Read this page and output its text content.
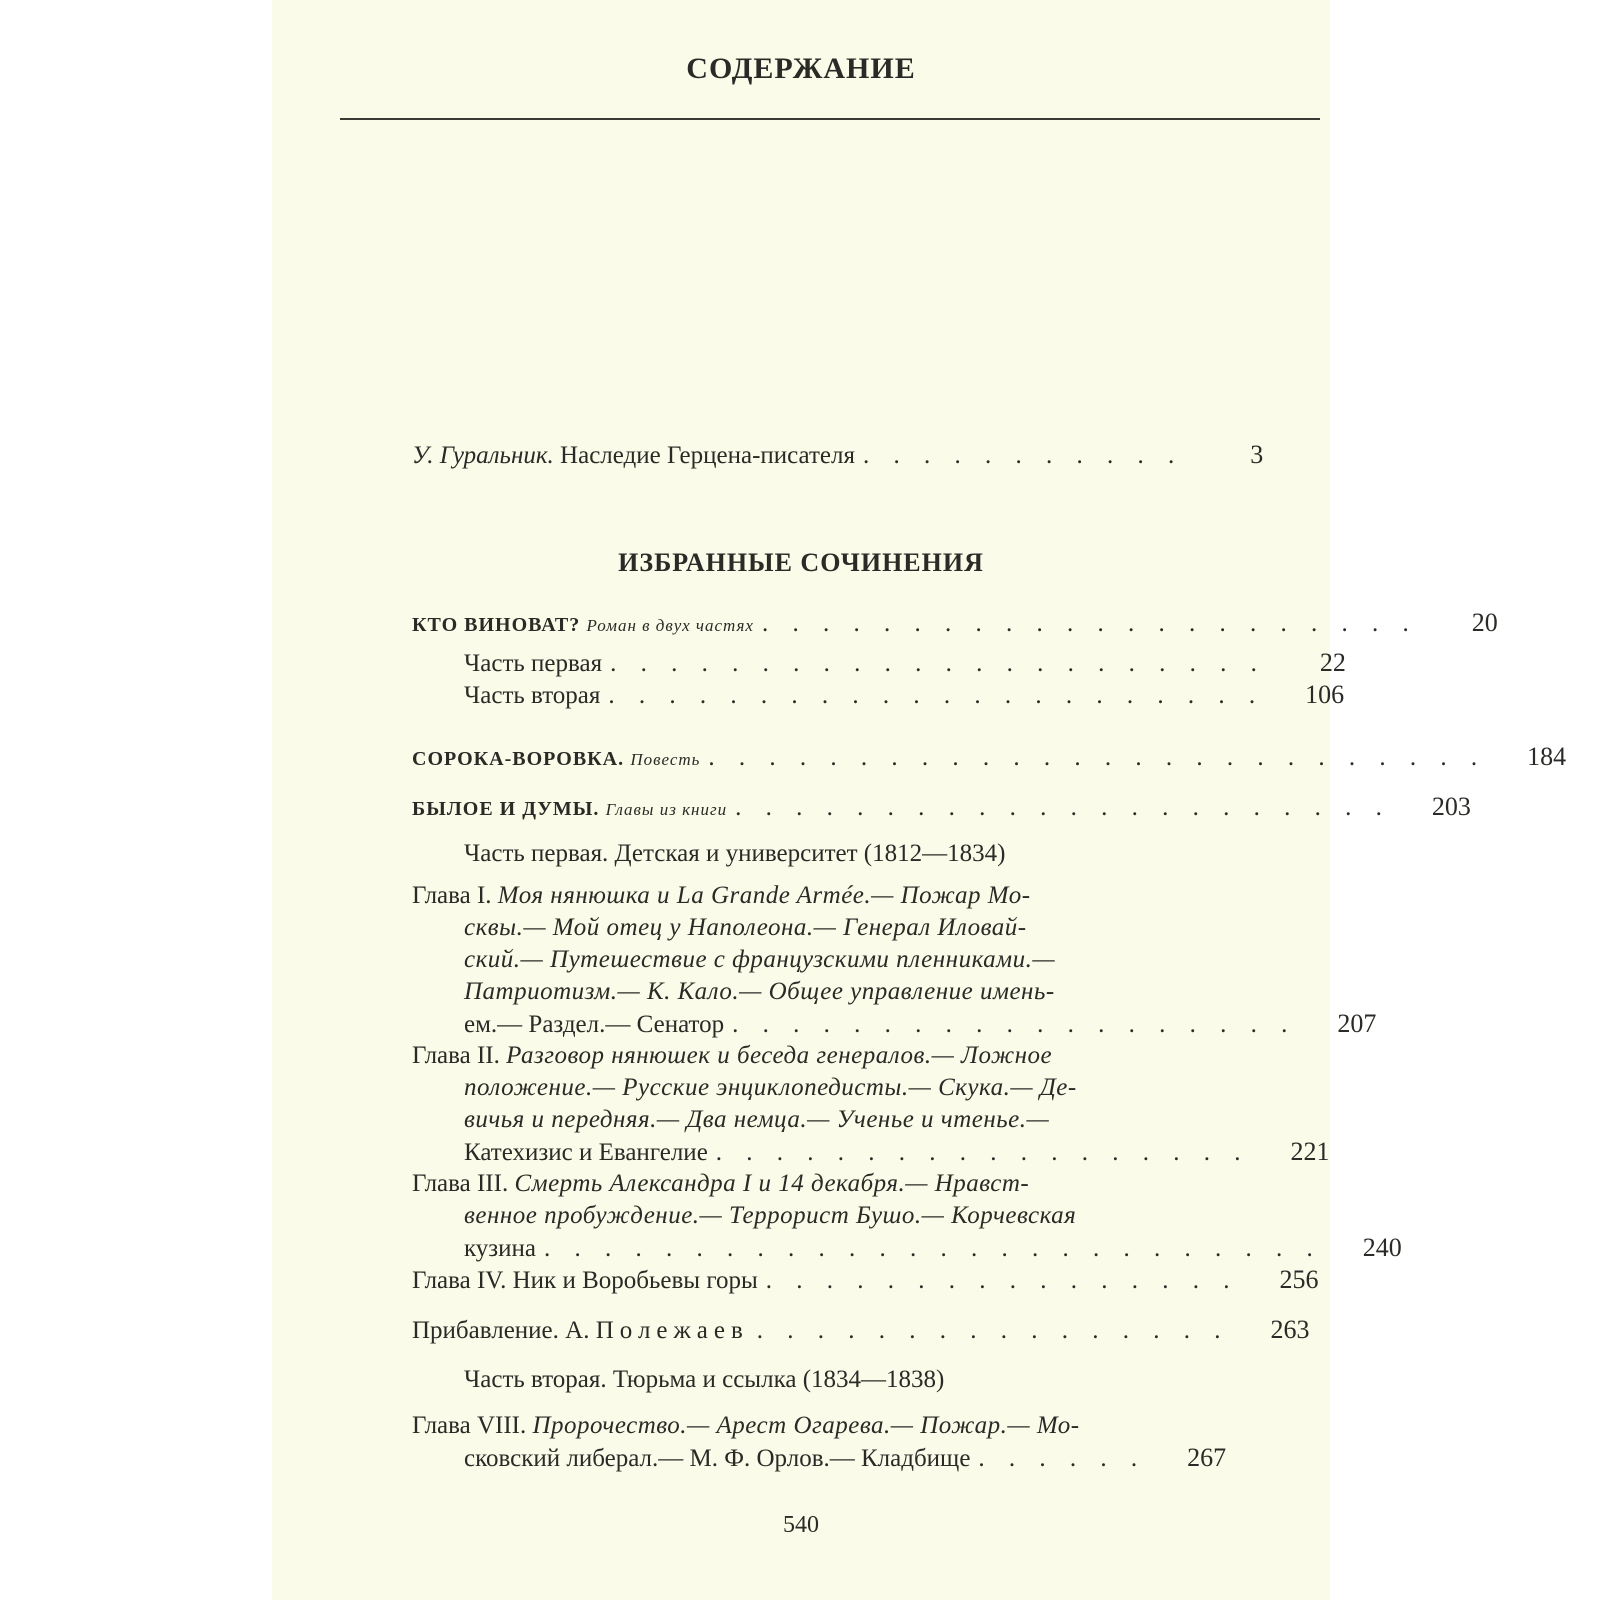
СОДЕРЖАНИЕ
У. Гуральник. Наследие Герцена-писателя . . . . . . . . . . .	3
ИЗБРАННЫЕ СОЧИНЕНИЯ
КТО ВИНОВАТ? Роман в двух частях . . . . . . . . . . . . . . . . . . . . . .	20
Часть первая . . . . . . . . . . . . . . . . . . . . . .	22
Часть вторая . . . . . . . . . . . . . . . . . . . . . .	106
СОРОКА-ВОРОВКА. Повесть . . . . . . . . . . . . . . . . . . . . . . . . . .	184
БЫЛОЕ И ДУМЫ. Главы из книги . . . . . . . . . . . . . . . . . . . . . .	203
Часть первая. Детская и университет (1812—1834)
Глава I.
Моя нянюшка и La Grande Armée.— Пожар Мо-
сквы.— Мой отец у Наполеона.— Генерал Иловай-
ский.— Путешествие с французскими пленниками.—
Патриотизм.— К. Кало.— Общее управление имень-
ем.— Раздел.— Сенатор . . . . . . . . . . . . . . . . . . .	207
Глава II.
Разговор нянюшек и беседа генералов.— Ложное
положение.— Русские энциклопедисты.— Скука.— Де-
вичья и передняя.— Два немца.— Ученье и чтенье.—
Катехизис и Евангелие . . . . . . . . . . . . . . . . . .	221
Глава III.
Смерть Александра I и 14 декабря.— Нравст-
венное пробуждение.— Террорист Бушо.— Корчевская
кузина . . . . . . . . . . . . . . . . . . . . . . . . . .	240
Глава IV. Ник и Воробьевы горы . . . . . . . . . . . . . . . .	256
Прибавление. А. Полежаев . . . . . . . . . . . . . . . .	263
Часть вторая. Тюрьма и ссылка (1834—1838)
Глава VIII.
Пророчество.— Арест Огарева.— Пожар.— Мо-
сковский либерал.— М. Ф. Орлов.— Кладбище . . . . . .	267
540
